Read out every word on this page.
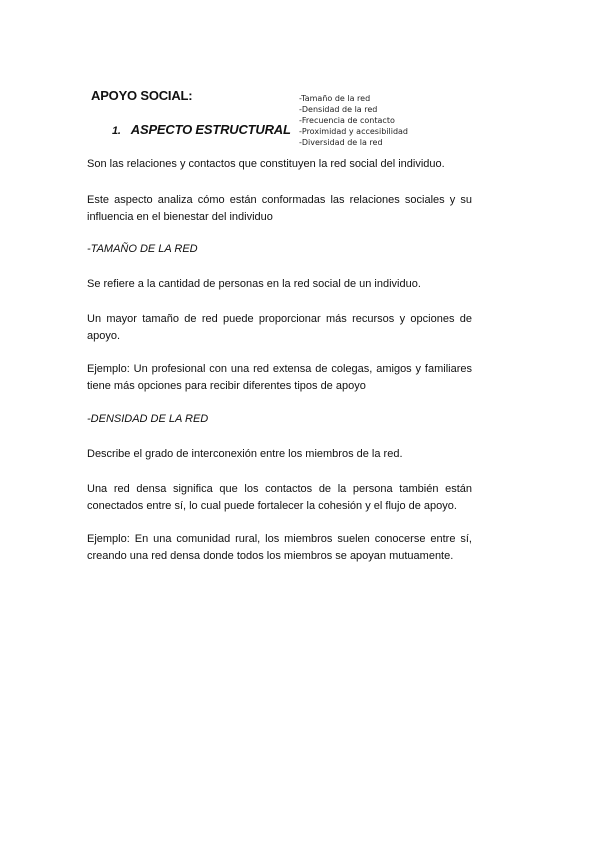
APOYO SOCIAL:
1. ASPECTO ESTRUCTURAL
-Tamaño de la red
-Densidad de la red
-Frecuencia de contacto
-Proximidad y accesibilidad
-Diversidad de la red
Son las relaciones y contactos que constituyen la red social del individuo.
Este aspecto analiza cómo están conformadas las relaciones sociales y su influencia en el bienestar del individuo
-TAMAÑO DE LA RED
Se refiere a la cantidad de personas en la red social de un individuo.
Un mayor tamaño de red puede proporcionar más recursos y opciones de apoyo.
Ejemplo: Un profesional con una red extensa de colegas, amigos y familiares tiene más opciones para recibir diferentes tipos de apoyo
-DENSIDAD DE LA RED
Describe el grado de interconexión entre los miembros de la red.
Una red densa significa que los contactos de la persona también están conectados entre sí, lo cual puede fortalecer la cohesión y el flujo de apoyo.
Ejemplo: En una comunidad rural, los miembros suelen conocerse entre sí, creando una red densa donde todos los miembros se apoyan mutuamente.
